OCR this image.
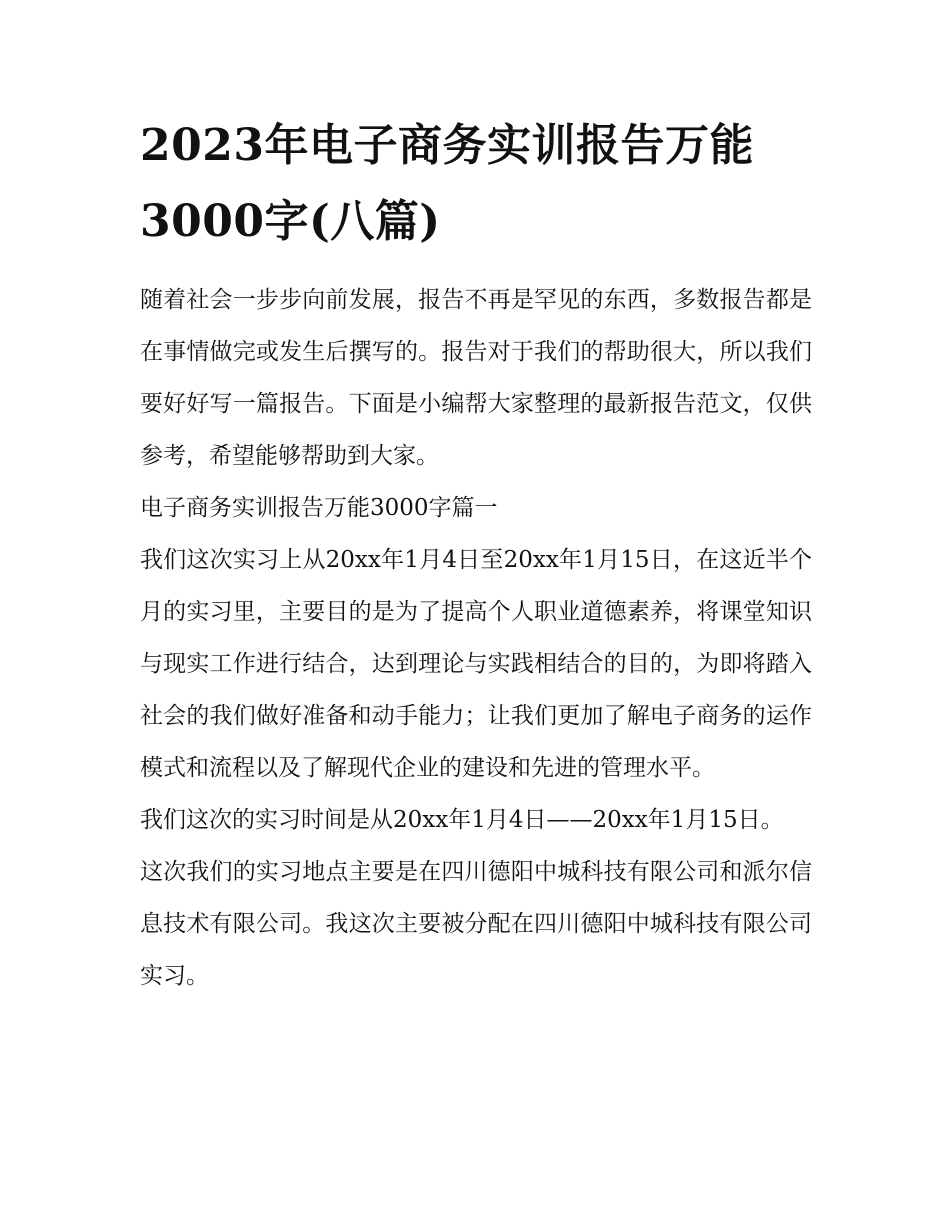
2023年电子商务实训报告万能3000字(八篇)

随着社会一步步向前发展，报告不再是罕见的东西，多数报告都是在事情做完或发生后撰写的。报告对于我们的帮助很大，所以我们要好好写一篇报告。下面是小编帮大家整理的最新报告范文，仅供参考，希望能够帮助到大家。

电子商务实训报告万能3000字篇一

我们这次实习上从20xx年1月4日至20xx年1月15日，在这近半个月的实习里，主要目的是为了提高个人职业道德素养，将课堂知识与现实工作进行结合，达到理论与实践相结合的目的，为即将踏入社会的我们做好准备和动手能力；让我们更加了解电子商务的运作模式和流程以及了解现代企业的建设和先进的管理水平。

我们这次的实习时间是从20xx年1月4日——20xx年1月15日。

这次我们的实习地点主要是在四川德阳中城科技有限公司和派尔信息技术有限公司。我这次主要被分配在四川德阳中城科技有限公司实习。
